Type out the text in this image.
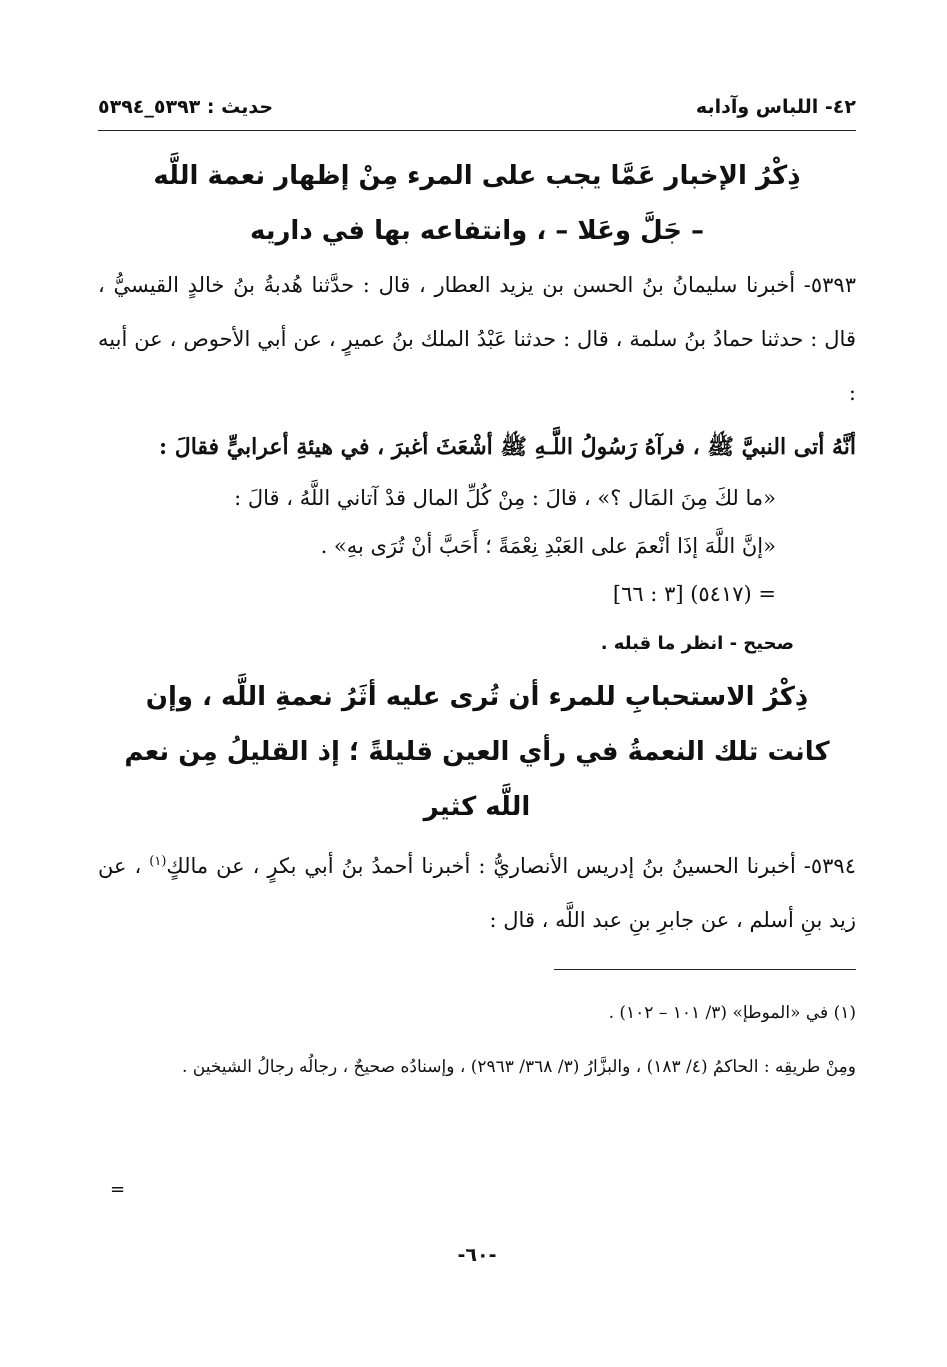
٤٢- اللباس وآدابه
حديث : ٥٣٩٣_٥٣٩٤
ذِكْرُ الإخبار عَمَّا يجب على المرء مِنْ إظهار نعمة اللَّه
– جَلَّ وعَلا – ، وانتفاعه بها في داريه

٥٣٩٣- أخبرنا سليمانُ بنُ الحسن بن يزيد العطار ، قال : حدَّثنا هُدبةُ بنُ خالدٍ القيسيُّ ، قال : حدثنا حمادُ بنُ سلمة ، قال : حدثنا عَبْدُ الملك بنُ عميرٍ ، عن أبي الأحوص ، عن أبيه :

أنَّهُ أتى النبيَّ ﷺ ، فرآهُ رَسُولُ اللَّـهِ ﷺ أشْعَثَ أغبرَ ، في هيئةِ أعرابيٍّ فقالَ :

«ما لكَ مِنَ المَال ؟» ، قالَ : مِنْ كُلِّ المال قدْ آتاني اللَّهُ ، قالَ :
«إنَّ اللَّهَ إذَا أنْعمَ على العَبْدِ نِعْمَةً ؛ أَحَبَّ أنْ تُرَى بهِ» .
= (٥٤١٧) [٣ : ٦٦]
صحيح - انظر ما قبله .
ذِكْرُ الاستحبابِ للمرء أن تُرى عليه أثَرُ نعمةِ اللَّه ، وإن
كانت تلك النعمةُ في رأي العين قليلةً ؛ إذ القليلُ مِن نعم
اللَّه كثير

٥٣٩٤- أخبرنا الحسينُ بنُ إدريس الأنصاريُّ : أخبرنا أحمدُ بنُ أبي بكرٍ ، عن مالكٍ$^{(١)}$ ، عن زيد بنِ أسلم ، عن جابرِ بنِ عبد اللَّه ، قال :

(١) في «الموطإ» (٣/ ١٠١ – ١٠٢) .
ومِنْ طريقِه : الحاكمُ (٤/ ١٨٣) ، والبزَّارُ (٣/ ٣٦٨/ ٢٩٦٣) ، وإسنادُه صحيحٌ ، رجالُه رجالُ الشيخين .
=
-٦٠-
